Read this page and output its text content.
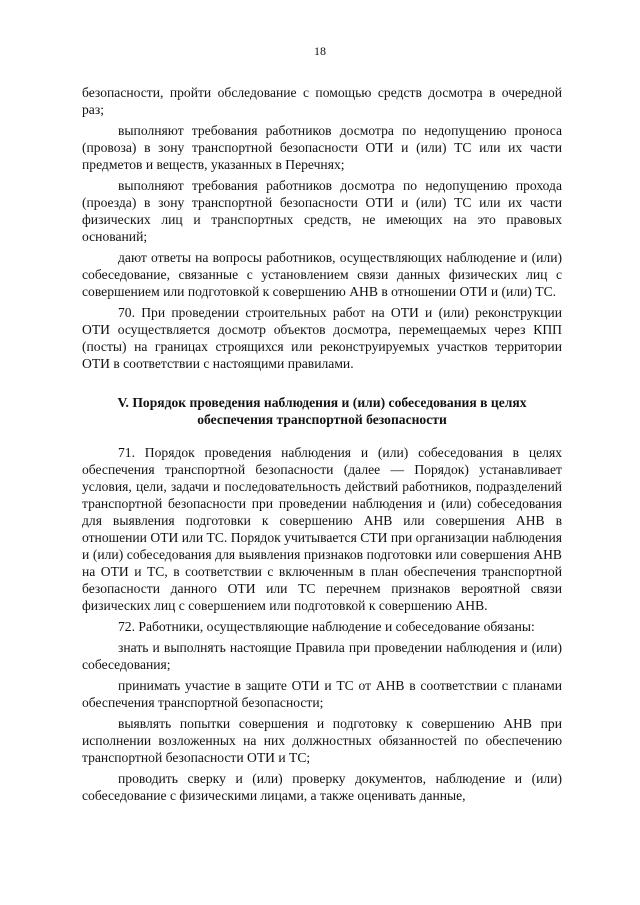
18

безопасности, пройти обследование с помощью средств досмотра в очередной раз;

выполняют требования работников досмотра по недопущению проноса (провоза) в зону транспортной безопасности ОТИ и (или) ТС или их части предметов и веществ, указанных в Перечнях;

выполняют требования работников досмотра по недопущению прохода (проезда) в зону транспортной безопасности ОТИ и (или) ТС или их части физических лиц и транспортных средств, не имеющих на это правовых оснований;

дают ответы на вопросы работников, осуществляющих наблюдение и (или) собеседование, связанные с установлением связи данных физических лиц с совершением или подготовкой к совершению АНВ в отношении ОТИ и (или) ТС.

70. При проведении строительных работ на ОТИ и (или) реконструкции ОТИ осуществляется досмотр объектов досмотра, перемещаемых через КПП (посты) на границах строящихся или реконструируемых участков территории ОТИ в соответствии с настоящими правилами.

V. Порядок проведения наблюдения и (или) собеседования в целях обеспечения транспортной безопасности

71. Порядок проведения наблюдения и (или) собеседования в целях обеспечения транспортной безопасности (далее — Порядок) устанавливает условия, цели, задачи и последовательность действий работников, подразделений транспортной безопасности при проведении наблюдения и (или) собеседования для выявления подготовки к совершению АНВ или совершения АНВ в отношении ОТИ или ТС. Порядок учитывается СТИ при организации наблюдения и (или) собеседования для выявления признаков подготовки или совершения АНВ на ОТИ и ТС, в соответствии с включенным в план обеспечения транспортной безопасности данного ОТИ или ТС перечнем признаков вероятной связи физических лиц с совершением или подготовкой к совершению АНВ.

72. Работники, осуществляющие наблюдение и собеседование обязаны:

знать и выполнять настоящие Правила при проведении наблюдения и (или) собеседования;

принимать участие в защите ОТИ и ТС от АНВ в соответствии с планами обеспечения транспортной безопасности;

выявлять попытки совершения и подготовку к совершению АНВ при исполнении возложенных на них должностных обязанностей по обеспечению транспортной безопасности ОТИ и ТС;

проводить сверку и (или) проверку документов, наблюдение и (или) собеседование с физическими лицами, а также оценивать данные,
